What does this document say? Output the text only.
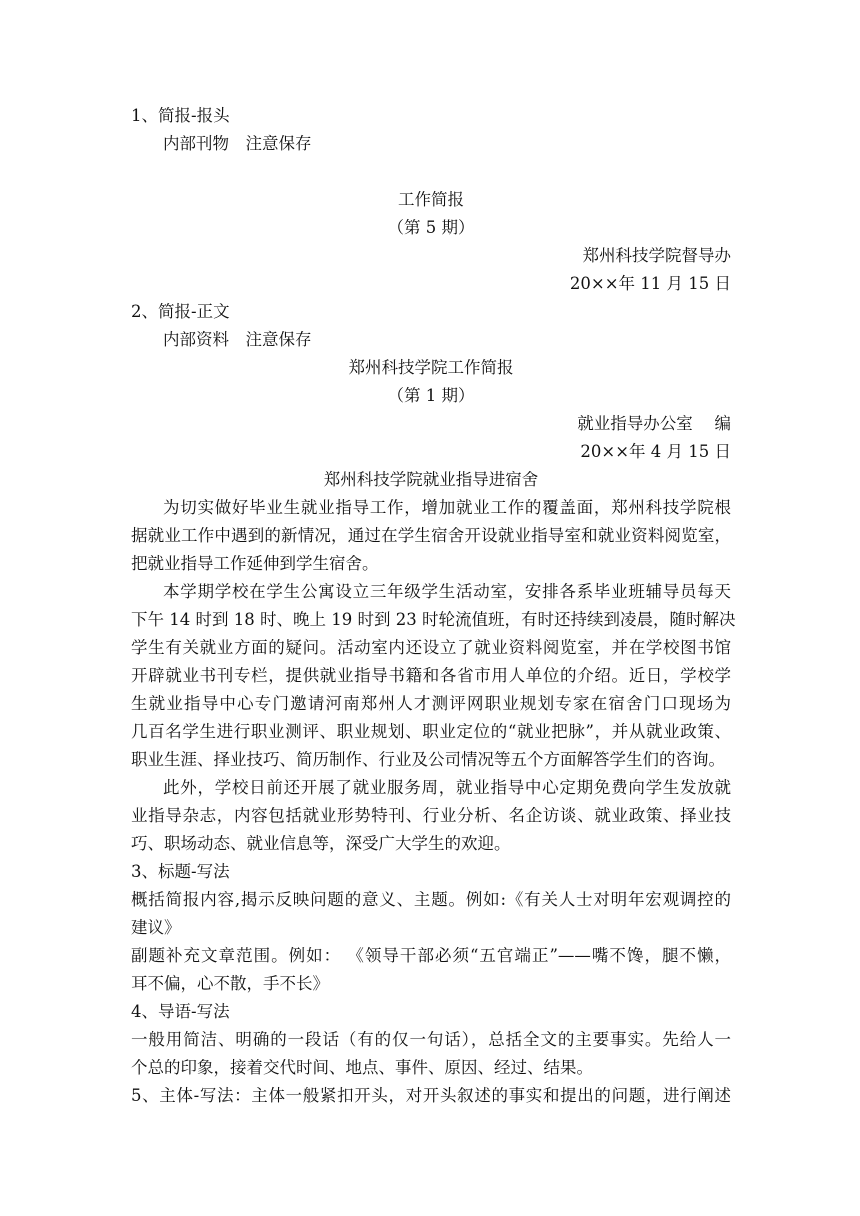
1、简报-报头
内部刊物　注意保存
工作简报
（第 5 期）
郑州科技学院督导办
20××年 11 月 15 日
2、简报-正文
内部资料　注意保存
郑州科技学院工作简报
（第 1 期）
就业指导办公室　 编
20××年 4 月 15 日
郑州科技学院就业指导进宿舍
为切实做好毕业生就业指导工作，增加就业工作的覆盖面，郑州科技学院根
据就业工作中遇到的新情况，通过在学生宿舍开设就业指导室和就业资料阅览室，
把就业指导工作延伸到学生宿舍。
本学期学校在学生公寓设立三年级学生活动室，安排各系毕业班辅导员每天
下午 14 时到 18 时、晚上 19 时到 23 时轮流值班，有时还持续到凌晨，随时解决
学生有关就业方面的疑问。活动室内还设立了就业资料阅览室，并在学校图书馆
开辟就业书刊专栏，提供就业指导书籍和各省市用人单位的介绍。近日，学校学
生就业指导中心专门邀请河南郑州人才测评网职业规划专家在宿舍门口现场为
几百名学生进行职业测评、职业规划、职业定位的“就业把脉”，并从就业政策、
职业生涯、择业技巧、简历制作、行业及公司情况等五个方面解答学生们的咨询。
此外，学校日前还开展了就业服务周，就业指导中心定期免费向学生发放就
业指导杂志，内容包括就业形势特刊、行业分析、名企访谈、就业政策、择业技
巧、职场动态、就业信息等，深受广大学生的欢迎。
3、标题-写法
概括简报内容,揭示反映问题的意义、主题。例如:《有关人士对明年宏观调控的
建议》
副题补充文章范围。例如： 《领导干部必须“五官端正”——嘴不馋，腿不懒，
耳不偏，心不散，手不长》
4、导语-写法
一般用简洁、明确的一段话（有的仅一句话），总括全文的主要事实。先给人一
个总的印象，接着交代时间、地点、事件、原因、经过、结果。
5、主体-写法：主体一般紧扣开头，对开头叙述的事实和提出的问题，进行阐述
